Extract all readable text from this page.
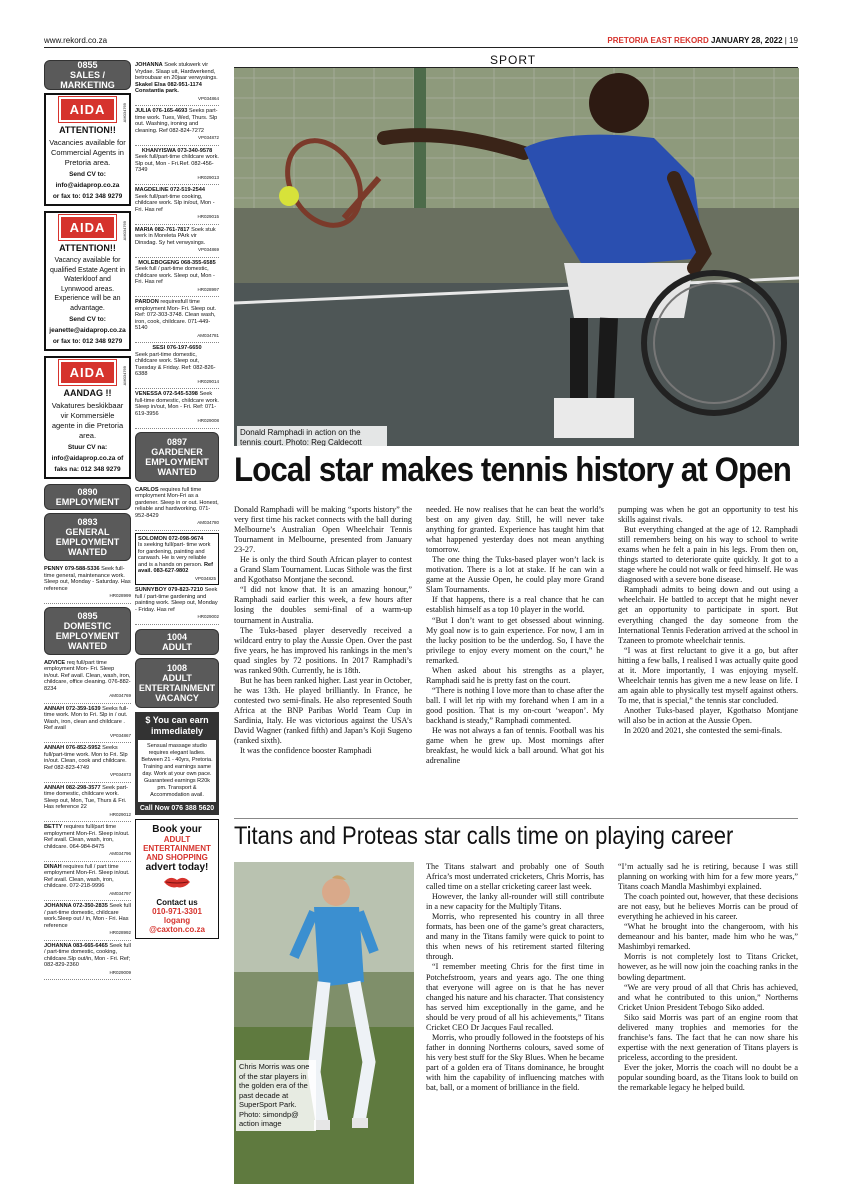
www.rekord.co.za	PRETORIA EAST REKORD JANUARY 28, 2022 | 19
SPORT
0855
SALES / MARKETING
AIDA	AM034769
ATTENTION!!
Vacancies available for Commercial Agents in Pretoria area.
Send CV to:
info@aidaprop.co.za
or fax to: 012 348 9279
AIDA	AM034769
ATTENTION!!
Vacancy available for qualified Estate Agent in Waterkloof and Lynnwood areas. Experience will be an advantage.
Send CV to:
jeanette@aidaprop.co.za
or fax to: 012 348 9279
AIDA	AM034769
AANDAG !!
Vakatures beskikbaar vir Kommersiële agente in die Pretoria area.
Stuur CV na:
info@aidaprop.co.za of
faks na: 012 348 9279
0890
EMPLOYMENT
0893
GENERAL
EMPLOYMENT
WANTED
PENNY 079-588-5336 Seek full-time general, maintenance work. Sleep out, Monday - Saturday. Has reference
HR028999
0895
DOMESTIC
EMPLOYMENT
WANTED
ADVICE req full/part time employment Mon- Fri. Sleep in/out. Ref avail. Clean, wash, iron, childcare, office cleaning. 076-882-8234
AM034769
ANNAH 072-359-1639 Seeks full-time work. Mon to Fri. Slp in / out. Wash, iron, clean and childcare . Ref avail
VP034867
ANNAH 076-852-5952 Seeks full/part-time work. Mon to Fri. Slp in/out. Clean, cook and childcare. Ref 082-823-4749
VP034873
ANNAH 082-298-3577 Seek part-time domestic, childcare work. Sleep out, Mon, Tue, Thurs & Fri. Has reference 22
HR029012
BETTY requires full/part time employment Mon-Fri. Sleep in/out. Ref avail. Clean, wash, iron, childcare. 064-984-8475
AM034796
DINAH requires full / part time employment Mon-Fri. Sleep in/out. Ref avail. Clean, wash, iron, childcare. 072-218-9996
AM034797
JOHANNA 072-350-2835 Seek full / part-time domestic, childcare work.Sleep out / in, Mon - Fri. Has reference
HR028992
JOHANNA 083-665-6465 Seek full / part-time domestic, cooking, childcare.Slp out/in, Mon - Fri. Ref; 082-829-2360
HR029009
JOHANNA Soek stukwerk vir Vrydae. Slaap uit, Hardwerkend, betroubaar en 20jaar verwysings. Skakel Elsa 082-951-1174 Constantia park.
VP034864
JULIA 076-165-4693 Seeks part-time work. Tues, Wed, Thurs. Slp out. Washing, ironing and cleaning. Ref 082-824-7272
VP034872
KHANYISWA 073-340-9578
Seek full/part-time childcare work. Slp out, Mon - Fri.Ref. 082-456-7349
HR029013
MAGDELINE 072-519-2544 Seek full/part-time cooking, childcare work. Slp in/out, Mon - Fri. Has ref
HR029015
MARIA 082-761-7817 Soek stuk werk in Moreleta PArk vir Dinsdag. Sy het verwysings.
VP034869
MOLEBOGENG 068-355-6585
Seek full / part-time domestic, childcare work. Sleep out, Mon - Fri. Has ref
HR028997
PARDON requiresfull time employment Mon- Fri. Sleep out. Ref: 072-303-3748. Clean wash, iron, cook, childcare. 071-449-5140
AM034781
SESI 076-197-6650
Seek part-time domestic, childcare work. Sleep out, Tuesday & Friday. Ref: 082-826-6388
HR029014
VENESSA 072-545-5398 Seek full-time domestic, childcare work. Sleep in/out, Mon - Fri. Ref: 071-619-3956
HR029008
0897
GARDENER
EMPLOYMENT
WANTED
CARLOS requires full time employment Mon-Fri as a gardener. Sleep in or out. Honest, reliable and hardworking. 071-952-8429
AM034780
SOLOMON 072-098-9674
Is seeking full/part- time work for gardening, painting and carwash. He is very reliable and is a hands on person. Ref avail. 083-627-9802
VP034825
SUNNYBOY 079-823-7210 Seek full / part-time gardening and painting work. Sleep out, Monday - Friday. Has ref
HR029002
1004
ADULT
1008
ADULT
ENTERTAINMENT
VACANCY
$ You can earn immediately
Sensual massage studio requires elegant ladies. Between 21 - 40yrs, Pretoria. Training and earnings same day. Work at your own pace. Guaranteed earnings R20k pm. Transport & Accommodation avail.
Call Now 076 388 5620
Book your
ADULT ENTERTAINMENT AND SHOPPING
advert today!
Contact us
010-971-3301
logang
@caxton.co.za
Donald Ramphadi in action on the tennis court. Photo: Reg Caldecott
Local star makes tennis history at Open

Donald Ramphadi will be making “sports history” the very first time his racket connects with the ball during Melbourne’s Australian Open Wheelchair Tennis Tournament in Melbourne, presented from January 23-27.

He is only the third South African player to contest a Grand Slam Tournament. Lucas Sithole was the first and Kgothatso Montjane the second.

“I did not know that. It is an amazing honour,” Ramphadi said earlier this week, a few hours after losing the doubles semi-final of a warm-up tournament in Australia.

The Tuks-based player deservedly received a wildcard entry to play the Aussie Open. Over the past five years, he has improved his rankings in the men’s quad singles by 72 positions. In 2017 Ramphadi’s was ranked 90th. Currently, he is 18th.

But he has been ranked higher. Last year in October, he was 13th. He played brilliantly. In France, he contested two semi-finals. He also represented South Africa at the BNP Paribas World Team Cup in Sardinia, Italy. He was victorious against the USA’s David Wagner (ranked fifth) and Japan’s Koji Sugeno (ranked sixth).

It was the confidence booster Ramphadi

needed. He now realises that he can beat the world’s best on any given day. Still, he will never take anything for granted. Experience has taught him that what happened yesterday does not mean anything tomorrow.

The one thing the Tuks-based player won’t lack is motivation. There is a lot at stake. If he can win a game at the Aussie Open, he could play more Grand Slam Tournaments.

If that happens, there is a real chance that he can establish himself as a top 10 player in the world.

“But I don’t want to get obsessed about winning. My goal now is to gain experience. For now, I am in the lucky position to be the underdog. So, I have the privilege to enjoy every moment on the court,” he remarked.

When asked about his strengths as a player, Ramphadi said he is pretty fast on the court.

“There is nothing I love more than to chase after the ball. I will let rip with my forehand when I am in a good position. That is my on-court ‘weapon’. My backhand is steady,” Ramphadi commented.

He was not always a fan of tennis. Football was his game when he grew up. Most mornings after breakfast, he would kick a ball around. What got his adrenaline

pumping was when he got an opportunity to test his skills against rivals.

But everything changed at the age of 12. Ramphadi still remembers being on his way to school to write exams when he felt a pain in his legs. From then on, things started to deteriorate quite quickly. It got to a stage where he could not walk or feed himself. He was diagnosed with a severe bone disease.

Ramphadi admits to being down and out using a wheelchair. He battled to accept that he might never get an opportunity to participate in sport. But everything changed the day someone from the International Tennis Federation arrived at the school in Tzaneen to promote wheelchair tennis.

“I was at first reluctant to give it a go, but after hitting a few balls, I realised I was actually quite good at it. More importantly, I was enjoying myself. Wheelchair tennis has given me a new lease on life. I am again able to physically test myself against others. To me, that is special,” the tennis star concluded.

Another Tuks-based player, Kgothatso Montjane will also be in action at the Aussie Open.

In 2020 and 2021, she contested the semi-finals.

Titans and Proteas star calls time on playing career
Chris Morris was one of the star players in the golden era of the past decade at SuperSport Park. Photo: simondp@ action image

The Titans stalwart and probably one of South Africa’s most underrated cricketers, Chris Morris, has called time on a stellar cricketing career last week.

However, the lanky all-rounder will still contribute in a new capacity for the Multiply Titans.

Morris, who represented his country in all three formats, has been one of the game’s great characters, and many in the Titans family were quick to point to this when news of his retirement started filtering through.

“I remember meeting Chris for the first time in Potchefstroom, years and years ago. The one thing that everyone will agree on is that he has never changed his nature and his character. That consistency has served him exceptionally in the game, and he should be very proud of all his achievements,” Titans Cricket CEO Dr Jacques Faul recalled.

Morris, who proudly followed in the footsteps of his father in donning Northerns colours, saved some of his very best stuff for the Sky Blues. When he became part of a golden era of Titans dominance, he brought with him the capability of influencing matches with bat, ball, or a moment of brilliance in the field.

“I’m actually sad he is retiring, because I was still planning on working with him for a few more years,” Titans coach Mandla Mashimbyi explained.

The coach pointed out, however, that these decisions are not easy, but he believes Morris can be proud of everything he achieved in his career.

“What he brought into the changeroom, with his demeanour and his banter, made him who he was,” Mashimbyi remarked.

Morris is not completely lost to Titans Cricket, however, as he will now join the coaching ranks in the bowling department.

“We are very proud of all that Chris has achieved, and what he contributed to this union,” Northerns Cricket Union President Tebogo Siko added.

Siko said Morris was part of an engine room that delivered many trophies and memories for the franchise’s fans. The fact that he can now share his expertise with the next generation of Titans players is priceless, according to the president.

Ever the joker, Morris the coach will no doubt be a popular sounding board, as the Titans look to build on the remarkable legacy he helped build.
